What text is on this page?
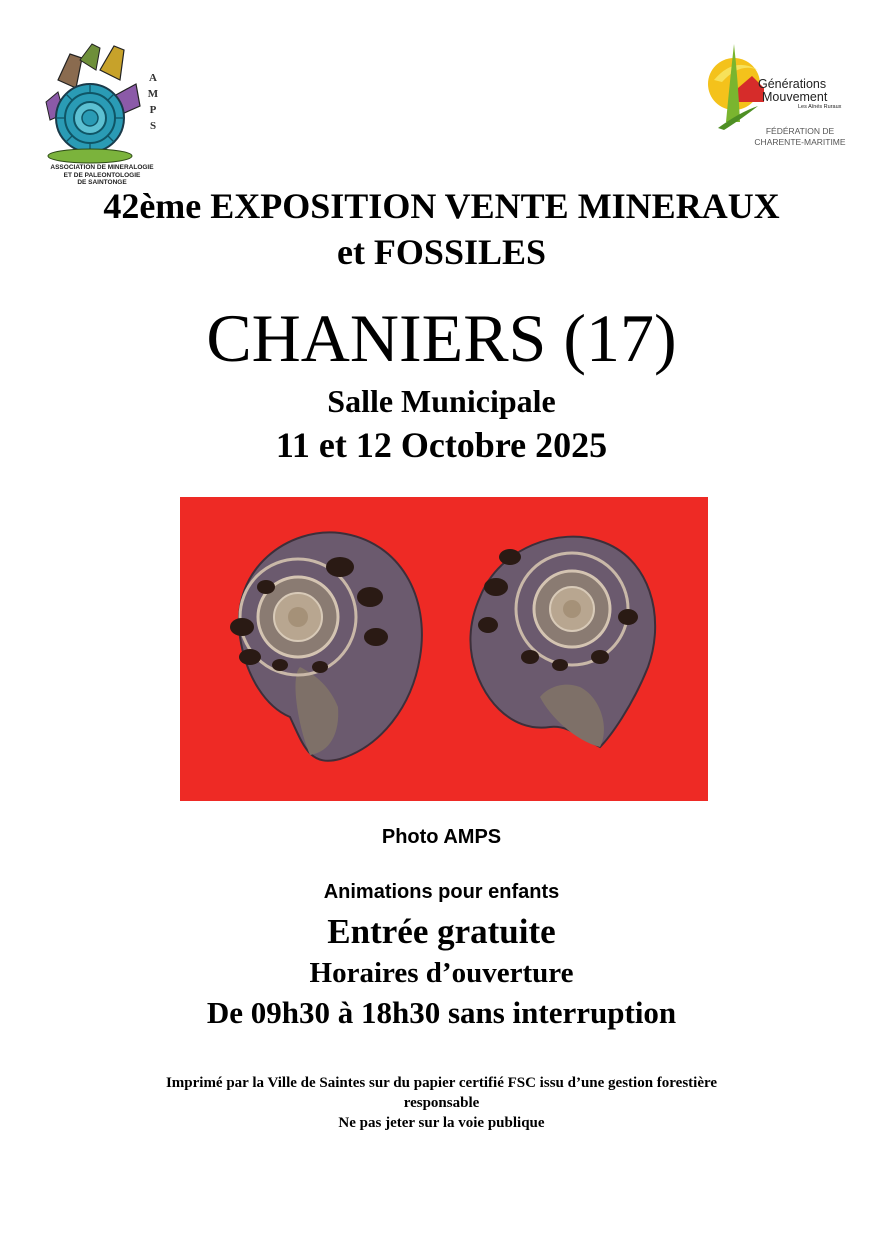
A
M
P
S
ASSOCIATION DE MINERALOGIE
ET DE PALEONTOLOGIE
DE SAINTONGE
Générations
Mouvement
Les Aînés Ruraux
FÉDÉRATION DE
CHARENTE-MARITIME
42ème EXPOSITION VENTE MINERAUX
et FOSSILES
CHANIERS (17)
Salle Municipale
11 et 12 Octobre 2025
Photo AMPS
Animations pour enfants
Entrée gratuite
Horaires d’ouverture
De 09h30 à 18h30 sans interruption
Imprimé par la Ville de Saintes sur du papier certifié FSC issu d’une gestion forestière
responsable
Ne pas jeter sur la voie publique
